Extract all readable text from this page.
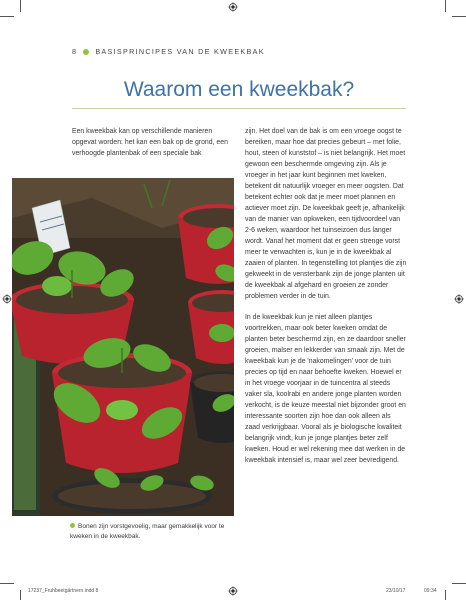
8	BASISPRINCIPES VAN DE KWEEKBAK
Waarom een kweekbak?

Een kweekbak kan op verschillende manieren opgevat worden: het kan een bak op de grond, een verhoogde plantenbak of een speciale bak

Bonen zijn vorstgevoelig, maar gemakkelijk voor te kweken in de kweekbak.

zijn. Het doel van de bak is om een vroege oogst te bereiken, maar hoe dat precies gebeurt – met folie, hout, steen of kunststof – is niet belangrijk. Het moet gewoon een beschermde omgeving zijn. Als je vroeger in het jaar kunt beginnen met kweken, betekent dit natuurlijk vroeger en meer oogsten. Dat betekent echter ook dat je meer moet plannen en actiever moet zijn. De kweekbak geeft je, afhankelijk van de manier van opkweken, een tijdvoordeel van 2-6 weken, waardoor het tuinseizoen dus langer wordt. Vanaf het moment dat er geen strenge vorst meer te verwachten is, kun je in de kweekbak al zaaien of planten. In tegenstelling tot plantjes die zijn gekweekt in de vensterbank zijn de jonge planten uit de kweekbak al afgehard en groeien ze zonder problemen verder in de tuin.

In de kweekbak kun je niet alleen plantjes voortrekken, maar ook beter kweken omdat de planten beter beschermd zijn, en ze daardoor sneller groeien, malser en lekkerder van smaak zijn. Met de kweekbak kun je de 'nakomelingen' voor de tuin precies op tijd en naar behoefte kweken. Hoewel er in het vroege voorjaar in de tuincentra al steeds vaker sla, koolrabi en andere jonge planten worden verkocht, is de keuze meestal niet bijzonder groot en interessante soorten zijn hoe dan ook alleen als zaad verkrijgbaar. Vooral als je biologische kwaliteit belangrijk vindt, kun je jonge plantjes beter zelf kweken. Houd er wel rekening mee dat werken in de kweekbak intensief is, maar wel zeer bevredigend.

17237_Fruhbeetgärtnern.indd 8	23/10/17	09:34
